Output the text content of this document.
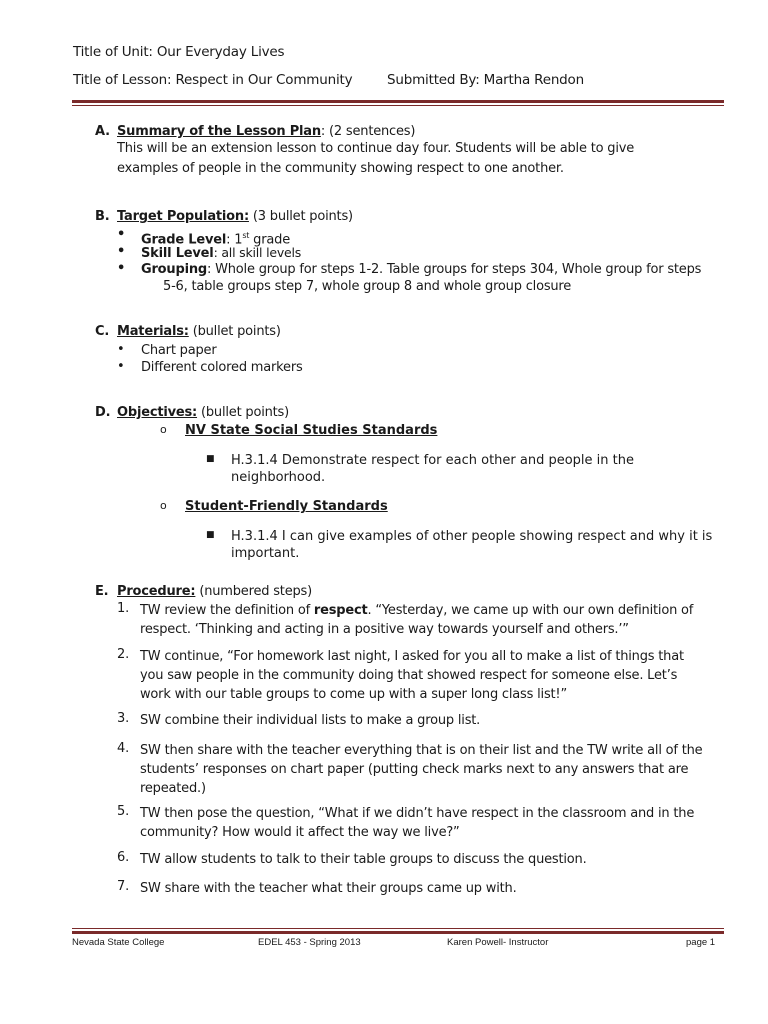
Title of Unit: Our Everyday Lives
Title of Lesson: Respect in Our Community	Submitted By: Martha Rendon
A. Summary of the Lesson Plan: (2 sentences)
This will be an extension lesson to continue day four. Students will be able to give
examples of people in the community showing respect to one another.
B. Target Population: (3 bullet points)
• Grade Level: 1st grade
• Skill Level: all skill levels
• Grouping: Whole group for steps 1-2. Table groups for steps 304, Whole group for steps
5-6, table groups step 7, whole group 8 and whole group closure
C. Materials: (bullet points)
• Chart paper
• Different colored markers
D. Objectives: (bullet points)
o NV State Social Studies Standards
■ H.3.1.4 Demonstrate respect for each other and people in the
neighborhood.
o Student-Friendly Standards
■ H.3.1.4 I can give examples of other people showing respect and why it is
important.
E. Procedure: (numbered steps)
1. TW review the definition of respect. “Yesterday, we came up with our own definition of
respect. ‘Thinking and acting in a positive way towards yourself and others.’”
2. TW continue, “For homework last night, I asked for you all to make a list of things that
you saw people in the community doing that showed respect for someone else. Let’s
work with our table groups to come up with a super long class list!”
3. SW combine their individual lists to make a group list.
4. SW then share with the teacher everything that is on their list and the TW write all of the
students’ responses on chart paper (putting check marks next to any answers that are
repeated.)
5. TW then pose the question, “What if we didn’t have respect in the classroom and in the
community? How would it affect the way we live?”
6. TW allow students to talk to their table groups to discuss the question.
7. SW share with the teacher what their groups came up with.
Nevada State College	EDEL 453 - Spring 2013	Karen Powell- Instructor	page 1
